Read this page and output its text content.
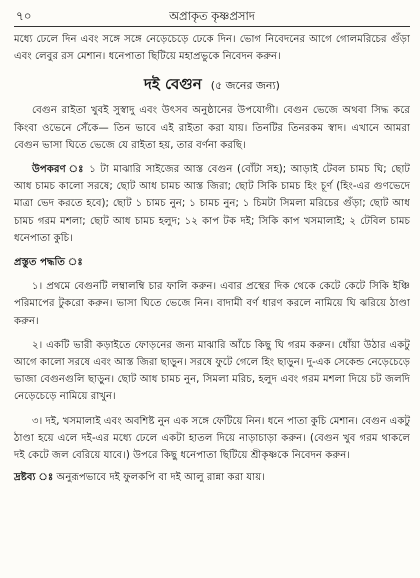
৭০	অপ্রাকৃত কৃষ্ণপ্রসাদ

মধ্যে ঢেলে দিন এবং সঙ্গে সঙ্গে নেড়েচেড়ে ঢেকে দিন। ভোগ নিবেদনের আগে গোলমরিচের গুঁড়া এবং লেবুর রস মেশান। ধনেপাতা ছিটিয়ে মহাপ্রভুকে নিবেদন করুন।

দই বেগুন (৫ জনের জন্য)

বেগুন রাইতা খুবই সুস্বাদু এবং উৎসব অনুষ্ঠানের উপযোগী। বেগুন ভেজে অথবা সিদ্ধ করে কিংবা ওভেনে সেঁকে— তিন ভাবে এই রাইতা করা যায়। তিনটির তিনরকম স্বাদ। এখানে আমরা বেগুন ভাসা ঘিতে ভেজে যে রাইতা হয়, তার বর্ণনা করছি।

উপকরণ ঃ ১ টা মাঝারি সাইজের আস্ত বেগুন (বোঁটা সহ); আড়াই টেবল চামচ ঘি; ছোট আধ চামচ কালো সরষে; ছোট আধ চামচ আস্ত জিরা; ছোট সিকি চামচ হিং চূর্ণ (হিং-এর গুণভেদে মাত্রা ভেদ করতে হবে); ছোট ১ চামচ নুন; ১ চামচ নুন; ১ চিমটা সিমলা মরিচের গুঁড়া; ছোট আধ চামচ গরম মশলা; ছোট আধ চামচ হলুদ; ১২ কাপ টক দই; সিকি কাপ খসমালাই; ২ টেবিল চামচ ধনেপাতা কুচি।

প্রস্তুত পদ্ধতি ঃ

১। প্রথমে বেগুনটি লম্বালম্বি চার ফালি করুন। এবার প্রস্থের দিক থেকে কেটে কেটে সিকি ইঞ্চি পরিমাপের টুকরো করুন। ভাসা ঘিতে ভেজে নিন। বাদামী বর্ণ ধারণ করলে নামিয়ে ঘি ঝরিয়ে ঠাণ্ডা করুন।

২। একটি ভারী কড়াইতে ফোড়নের জন্য মাঝারি আঁচে কিছু ঘি গরম করুন। ধোঁয়া উঠার একটু আগে কালো সরষে এবং আস্ত জিরা ছাড়ুন। সরষে ফুটে গেলে হিং ছাড়ুন। দু-এক সেকেন্ড নেড়েচেড়ে ভাজা বেগুনগুলি ছাড়ুন। ছোট আধ চামচ নুন, সিমলা মরিচ, হলুদ এবং গরম মশলা দিয়ে চট জলদি নেড়েচেড়ে নামিয়ে রাখুন।

৩। দই, খসমালাই এবং অবশিষ্ট নুন এক সঙ্গে ফেটিয়ে নিন। ধনে পাতা কুচি মেশান। বেগুন একটু ঠাণ্ডা হয়ে এলে দই-এর মধ্যে ঢেলে একটা হাতল দিয়ে নাড়াচাড়া করুন। (বেগুন খুব গরম থাকলে দই কেটে জল বেরিয়ে যাবে।) উপরে কিছু ধনেপাতা ছিটিয়ে শ্রীকৃষ্ণকে নিবেদন করুন।

দ্রষ্টব্য ঃ অনুরূপভাবে দই ফুলকপি বা দই আলু রান্না করা যায়।
